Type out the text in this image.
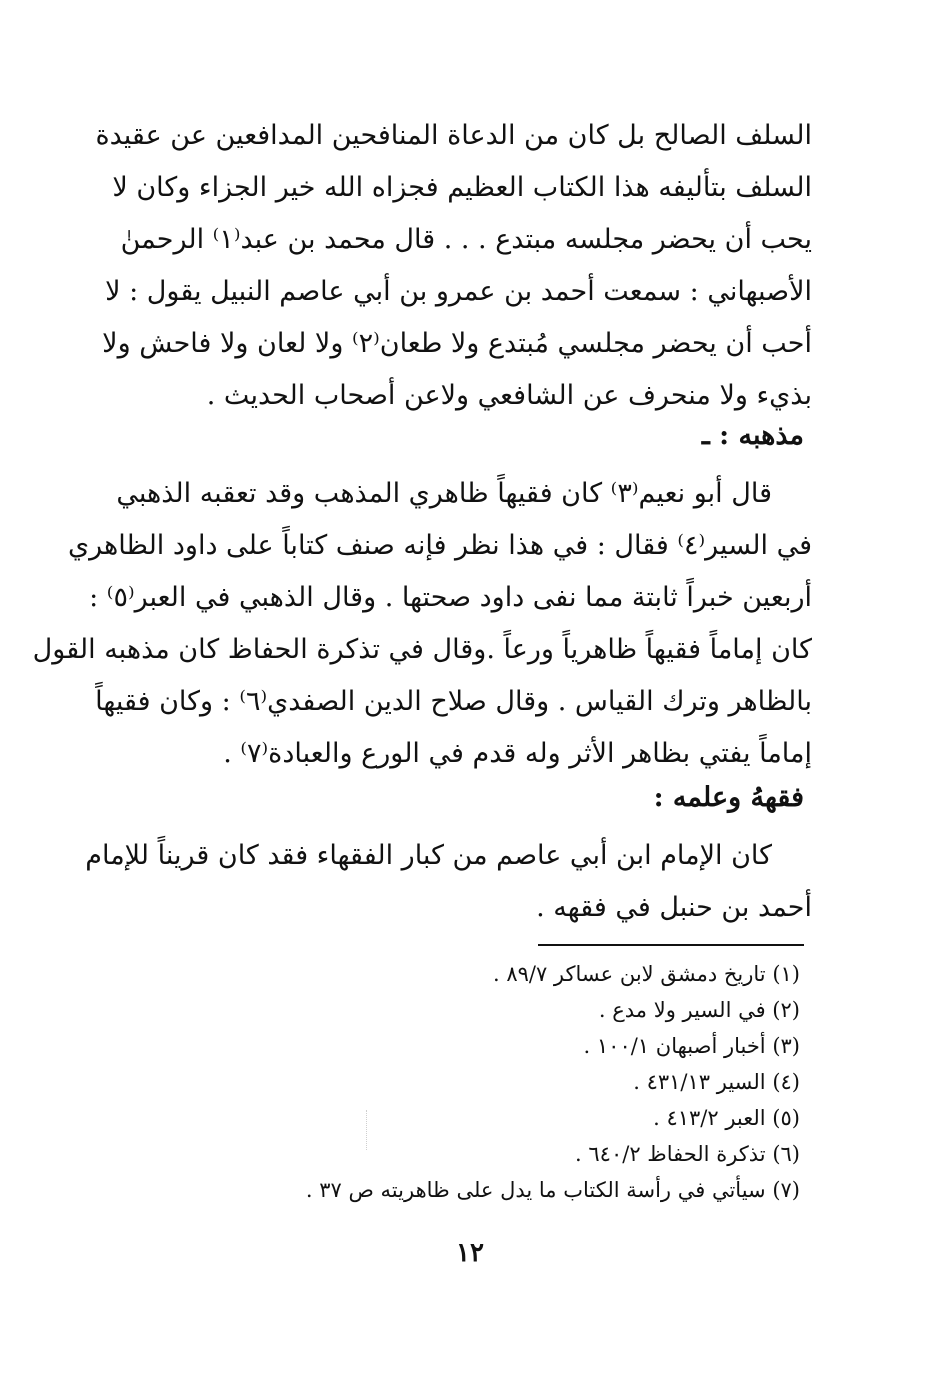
السلف الصالح بل كان من الدعاة المنافحين المدافعين عن عقيدة
السلف بتأليفه هذا الكتاب العظيم فجزاه الله خير الجزاء وكان لا
يحب أن يحضر مجلسه مبتدع . . . قال محمد بن عبد⁽١⁾ الرحمنٰ
الأصبهاني : سمعت أحمد بن عمرو بن أبي عاصم النبيل يقول : لا
أحب أن يحضر مجلسي مُبتدع ولا طعان⁽٢⁾ ولا لعان ولا فاحش ولا
بذيء ولا منحرف عن الشافعي ولاعن أصحاب الحديث .
مذهبه : ـ
قال أبو نعيم⁽٣⁾ كان فقيهاً ظاهري المذهب وقد تعقبه الذهبي
في السير⁽٤⁾ فقال : في هذا نظر فإنه صنف كتاباً على داود الظاهري
أربعين خبراً ثابتة مما نفى داود صحتها . وقال الذهبي في العبر⁽٥⁾ :
كان إماماً فقيهاً ظاهرياً ورعاً .وقال في تذكرة الحفاظ كان مذهبه القول
بالظاهر وترك القياس . وقال صلاح الدين الصفدي⁽٦⁾ : وكان فقيهاً
إماماً يفتي بظاهر الأثر وله قدم في الورع والعبادة⁽٧⁾ .
فقههُ وعلمه :
كان الإمام ابن أبي عاصم من كبار الفقهاء فقد كان قريناً للإمام
أحمد بن حنبل في فقهه .
(١) تاريخ دمشق لابن عساكر ٨٩/٧ .
(٢) في السير ولا مدع .
(٣) أخبار أصبهان ١٠٠/١ .
(٤) السير ٤٣١/١٣ .
(٥) العبر ٤١٣/٢ .
(٦) تذكرة الحفاظ ٦٤٠/٢ .
(٧) سيأتي في رأسة الكتاب ما يدل على ظاهريته ص ٣٧ .
١٢
